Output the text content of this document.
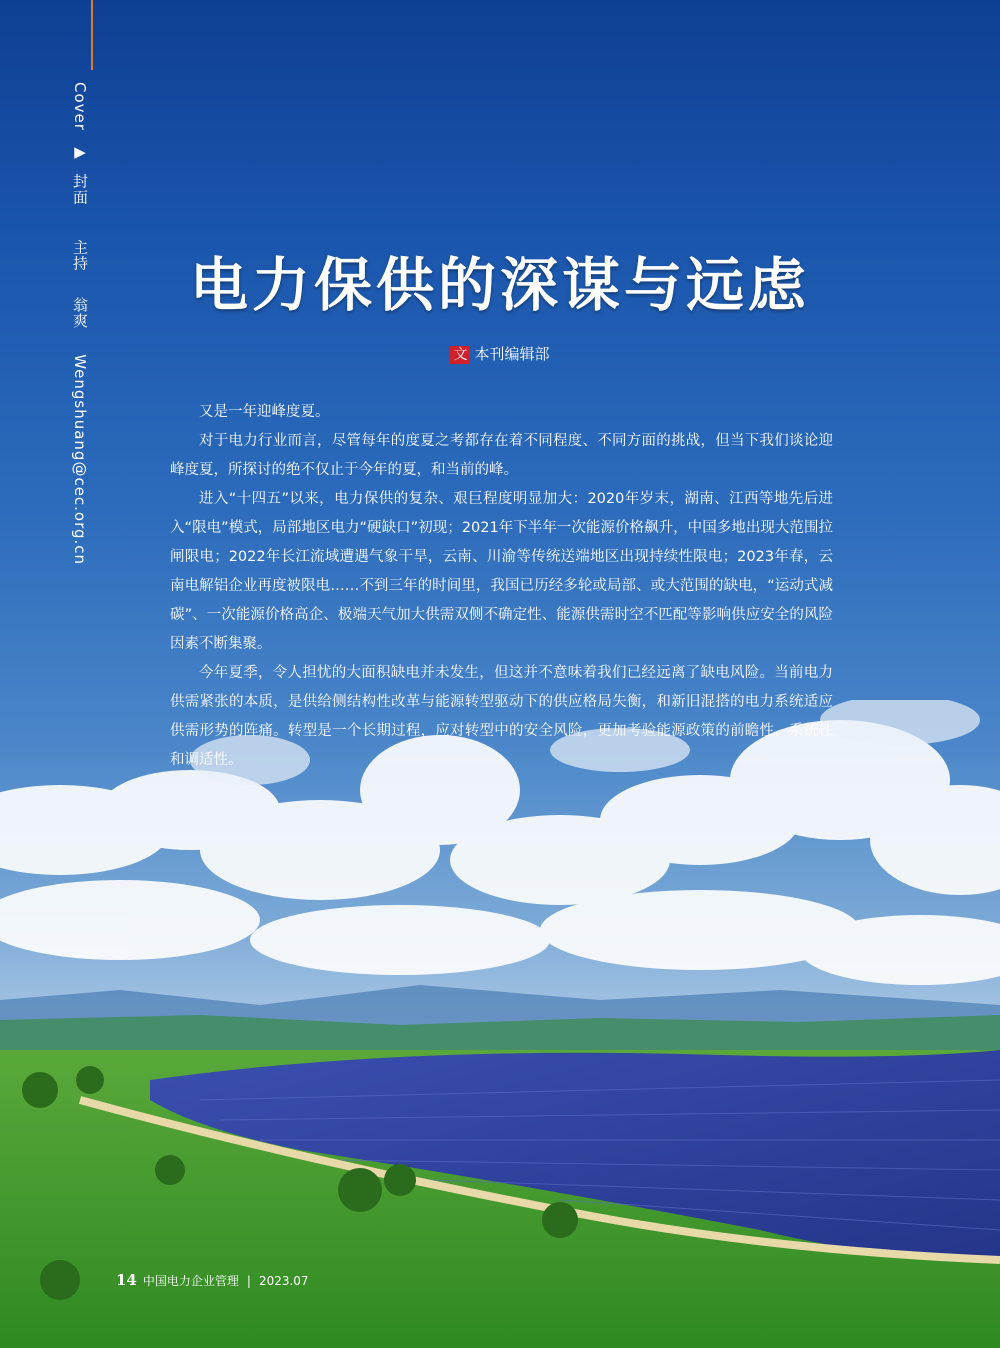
Cover ▶ 封面  主持  翁爽  Wengshuang@cec.org.cn
电力保供的深谋与远虑
文 本刊编辑部

又是一年迎峰度夏。

对于电力行业而言，尽管每年的度夏之考都存在着不同程度、不同方面的挑战，但当下我们谈论迎峰度夏，所探讨的绝不仅止于今年的夏，和当前的峰。

进入“十四五”以来，电力保供的复杂、艰巨程度明显加大：2020年岁末，湖南、江西等地先后进入“限电”模式，局部地区电力“硬缺口”初现；2021年下半年一次能源价格飙升，中国多地出现大范围拉闸限电；2022年长江流域遭遇气象干旱，云南、川渝等传统送端地区出现持续性限电；2023年春，云南电解铝企业再度被限电……不到三年的时间里，我国已历经多轮或局部、或大范围的缺电，“运动式减碳”、一次能源价格高企、极端天气加大供需双侧不确定性、能源供需时空不匹配等影响供应安全的风险因素不断集聚。

今年夏季，令人担忧的大面积缺电并未发生，但这并不意味着我们已经远离了缺电风险。当前电力供需紧张的本质，是供给侧结构性改革与能源转型驱动下的供应格局失衡，和新旧混搭的电力系统适应供需形势的阵痛。转型是一个长期过程，应对转型中的安全风险，更加考验能源政策的前瞻性、系统性和调适性。

14 中国电力企业管理 | 2023.07
